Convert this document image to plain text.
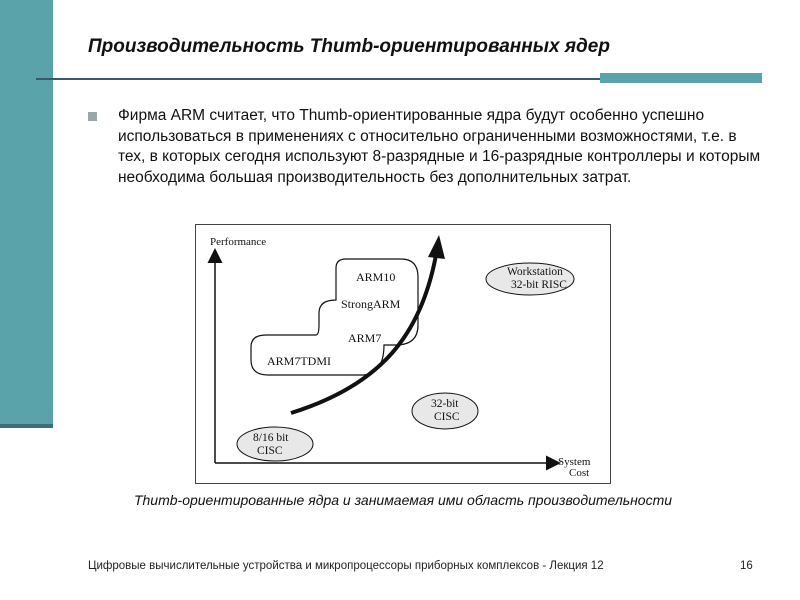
Производительность Thumb-ориентированных ядер

Фирма ARM считает, что Thumb-ориентированные ядра будут особенно успешно использоваться в применениях с относительно ограниченными возможностями, т.е. в тех, в которых сегодня используют 8-разрядные и 16-разрядные контроллеры и которым необходима большая производительность без дополнительных затрат.

Performance
System
Cost
ARM10
StrongARM
ARM7
ARM7TDMI
Workstation
32-bit RISC
32-bit
CISC
8/16 bit
CISC

Thumb-ориентированные ядра и занимаемая ими область производительности

Цифровые вычислительные устройства и микропроцессоры приборных комплексов - Лекция 12	16
